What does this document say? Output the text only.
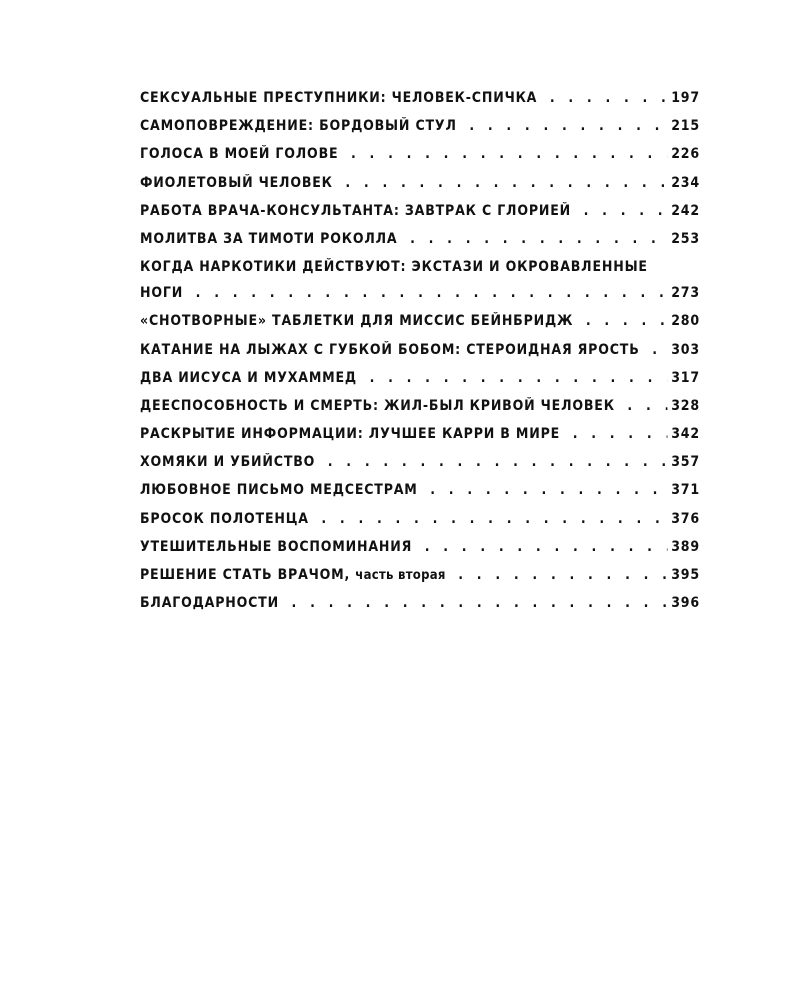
СЕКСУАЛЬНЫЕ ПРЕСТУПНИКИ: ЧЕЛОВЕК-СПИЧКА . . .	197
САМОПОВРЕЖДЕНИЕ: БОРДОВЫЙ СТУЛ . . .	215
ГОЛОСА В МОЕЙ ГОЛОВЕ . . .	226
ФИОЛЕТОВЫЙ ЧЕЛОВЕК . . .	234
РАБОТА ВРАЧА-КОНСУЛЬТАНТА: ЗАВТРАК С ГЛОРИЕЙ . . .	242
МОЛИТВА ЗА ТИМОТИ РОКОЛЛА . . .	253
КОГДА НАРКОТИКИ ДЕЙСТВУЮТ: ЭКСТАЗИ И ОКРОВАВЛЕННЫЕ
НОГИ . . .	273
«СНОТВОРНЫЕ» ТАБЛЕТКИ ДЛЯ МИССИС БЕЙНБРИДЖ . . .	280
КАТАНИЕ НА ЛЫЖАХ С ГУБКОЙ БОБОМ: СТЕРОИДНАЯ ЯРОСТЬ . . .	303
ДВА ИИСУСА И МУХАММЕД . . .	317
ДЕЕСПОСОБНОСТЬ И СМЕРТЬ: ЖИЛ-БЫЛ КРИВОЙ ЧЕЛОВЕК . . .	328
РАСКРЫТИЕ ИНФОРМАЦИИ: ЛУЧШЕЕ КАРРИ В МИРЕ . . .	342
ХОМЯКИ И УБИЙСТВО . . .	357
ЛЮБОВНОЕ ПИСЬМО МЕДСЕСТРАМ . . .	371
БРОСОК ПОЛОТЕНЦА . . .	376
УТЕШИТЕЛЬНЫЕ ВОСПОМИНАНИЯ . . .	389
РЕШЕНИЕ СТАТЬ ВРАЧОМ, часть вторая . . .	395
БЛАГОДАРНОСТИ . . .	396
